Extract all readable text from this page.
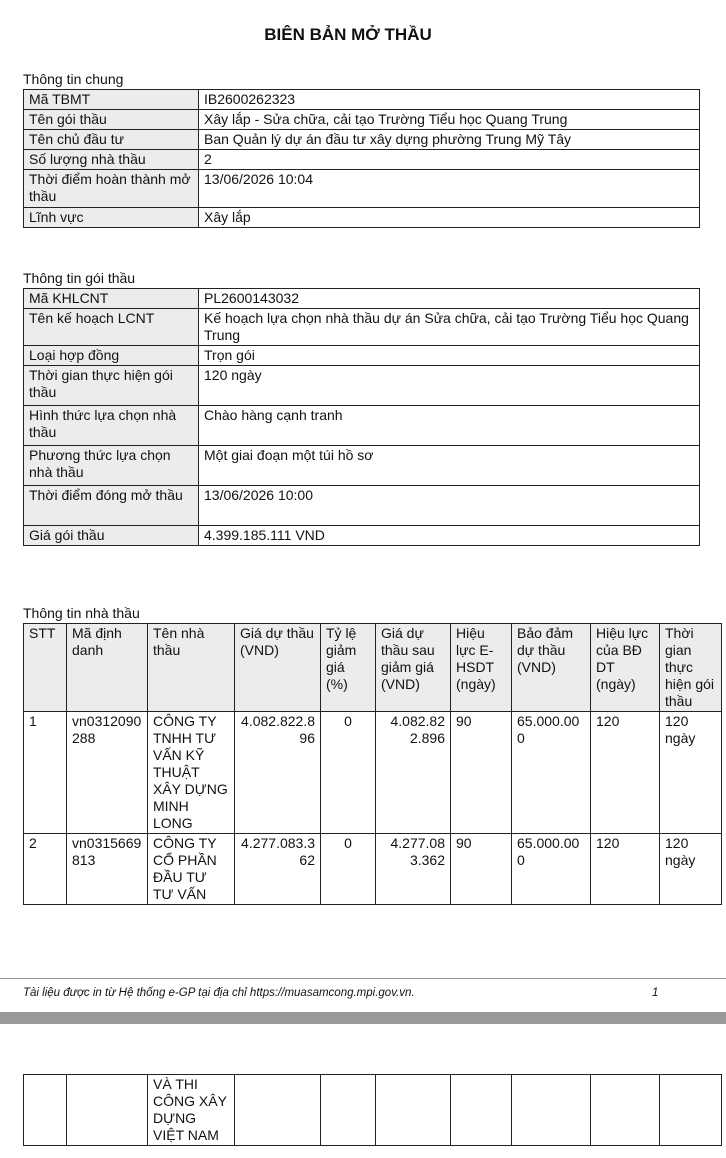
BIÊN BẢN MỞ THẦU
Thông tin chung
Mã TBMT	IB2600262323
Tên gói thầu	Xây lắp - Sửa chữa, cải tạo Trường Tiểu học Quang Trung
Tên chủ đầu tư	Ban Quản lý dự án đầu tư xây dựng phường Trung Mỹ Tây
Số lượng nhà thầu	2
Thời điểm hoàn thành mở thầu	13/06/2026 10:04
Lĩnh vực	Xây lắp
Thông tin gói thầu
Mã KHLCNT	PL2600143032
Tên kế hoạch LCNT	Kế hoạch lựa chọn nhà thầu dự án Sửa chữa, cải tạo Trường Tiểu học Quang Trung
Loại hợp đồng	Trọn gói
Thời gian thực hiện gói thầu	120 ngày
Hình thức lựa chọn nhà thầu	Chào hàng cạnh tranh
Phương thức lựa chọn nhà thầu	Một giai đoạn một túi hồ sơ
Thời điểm đóng mở thầu	13/06/2026 10:00
Giá gói thầu	4.399.185.111 VND
Thông tin nhà thầu
STT	Mã định danh	Tên nhà thầu	Giá dự thầu (VND)	Tỷ lệ giảm giá (%)	Giá dự thầu sau giảm giá (VND)	Hiệu lực E-HSDT (ngày)	Bảo đảm dự thầu (VND)	Hiệu lực của BĐ DT (ngày)	Thời gian thực hiện gói thầu
1	vn0312090288	CÔNG TY TNHH TƯ VẤN KỸ THUẬT XÂY DỰNG MINH LONG	4.082.822.896	0	4.082.822.896	90	65.000.000	120	120 ngày
2	vn0315669813	CÔNG TY CỔ PHẦN ĐẦU TƯ TƯ VẤN	4.277.083.362	0	4.277.083.362	90	65.000.000	120	120 ngày
Tài liệu được in từ Hệ thống e-GP tại địa chỉ https://muasamcong.mpi.gov.vn.	1
		VÀ THI CÔNG XÂY DỰNG VIỆT NAM							
